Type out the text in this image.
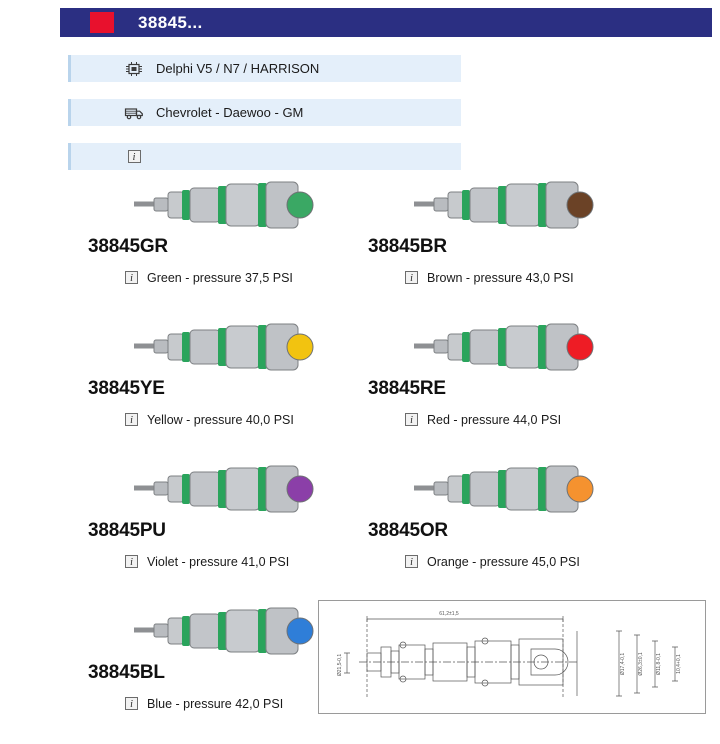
38845...
Delphi V5 / N7 / HARRISON
Chevrolet - Daewoo - GM
i
38845GR
i Green - pressure 37,5 PSI
38845BR
i Brown - pressure 43,0 PSI
38845YE
i Yellow - pressure 40,0 PSI
38845RE
i Red - pressure 44,0 PSI
38845PU
i Violet - pressure 41,0 PSI
38845OR
i Orange - pressure 45,0 PSI
38845BL
i Blue - pressure 42,0 PSI
61,2±1,5
Ø21,5-0,1	Ø17,4-0,1 Ø26,3±0,1 Ø11,8-0,1	10,4+0,1
